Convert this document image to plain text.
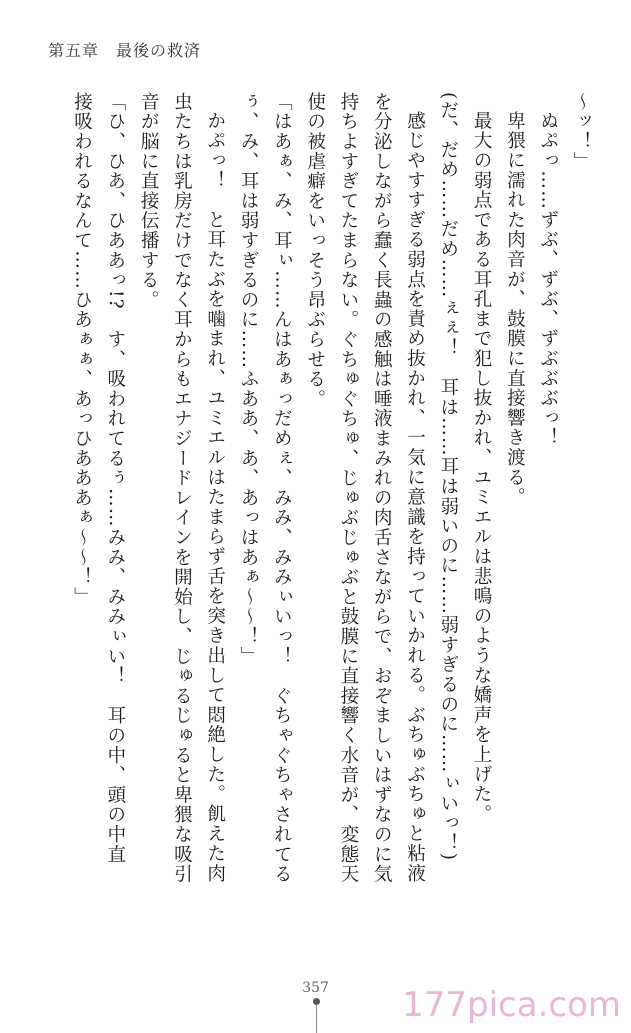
第五章　最後の救済

〜ッ！」

ぬぷっ……ずぶ、ずぶ、ずぶぶぶっ！

卑猥に濡れた肉音が、鼓膜に直接響き渡る。

最大の弱点である耳孔まで犯し抜かれ、ユミエルは悲鳴のような嬌声を上げた。

(だ、だめ……だめ……ぇぇ！　耳は……耳は弱いのに……弱すぎるのに……ぃいっ！)

感じやすすぎる弱点を責め抜かれ、一気に意識を持っていかれる。ぶちゅぶちゅと粘液

を分泌しながら蠢く長蟲の感触は唾液まみれの肉舌さながらで、おぞましいはずなのに気

持ちよすぎてたまらない。ぐちゅぐちゅ、じゅぶじゅぶと鼓膜に直接響く水音が、変態天

使の被虐癖をいっそう昂ぶらせる。

「はあぁ、み、耳ぃ……んはあぁっだめぇ、みみ、みみぃいっ！　ぐちゃぐちゃされてる

ぅ、み、耳は弱すぎるのに……ふああ、あ、あっはあぁ〜〜！」

かぷっ！　と耳たぶを噛まれ、ユミエルはたまらず舌を突き出して悶絶した。飢えた肉

虫たちは乳房だけでなく耳からもエナジードレインを開始し、じゅるじゅると卑猥な吸引

音が脳に直接伝播する。

「ひ、ひあ、ひああっ!?　す、吸われてるぅ……みみ、みみぃい！　耳の中、頭の中直

接吸われるなんて……ひあぁぁ、あっひあああぁ〜〜！」

357	177pica.com
